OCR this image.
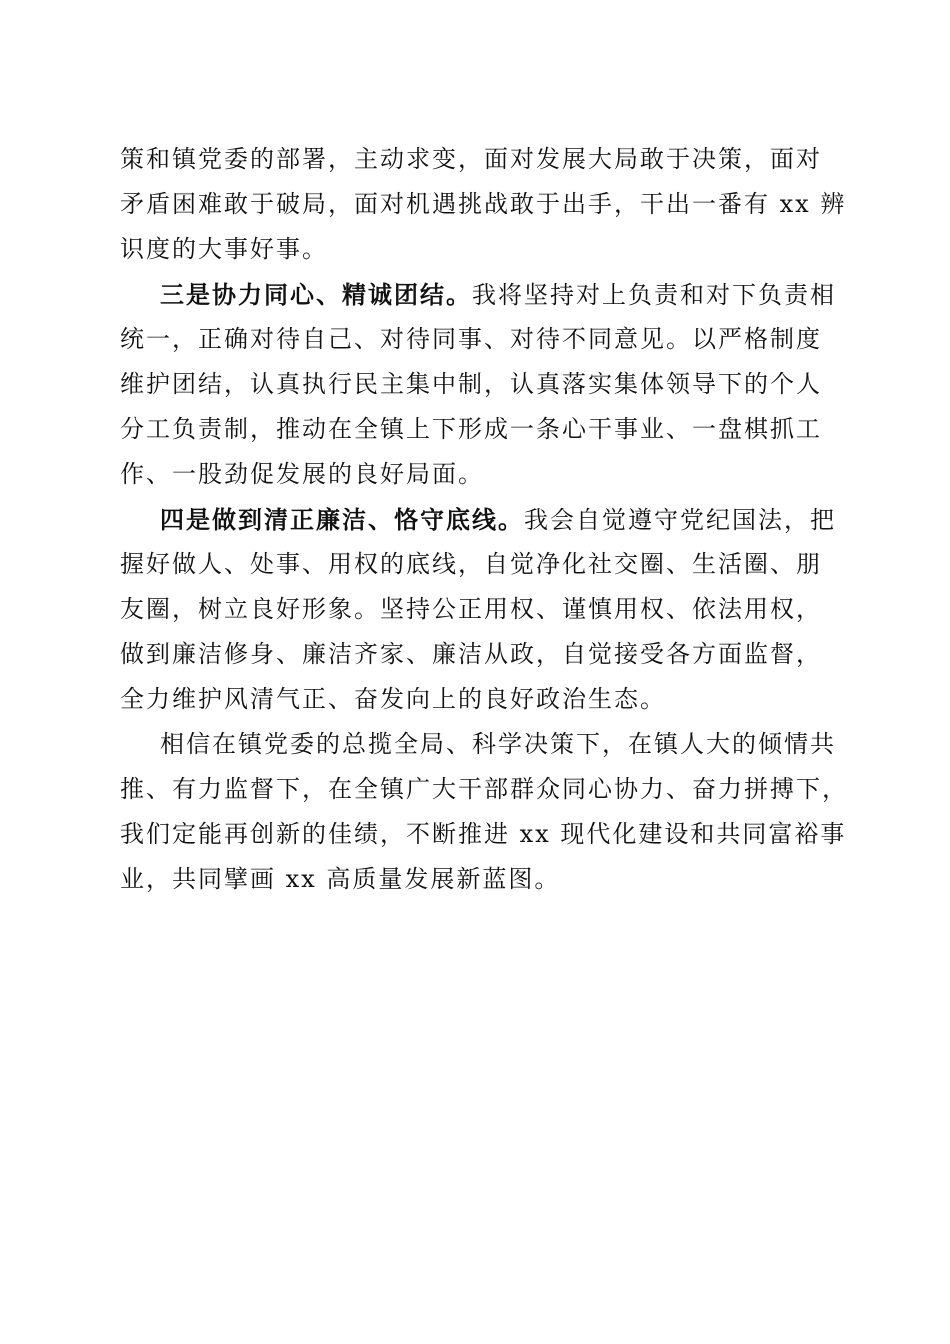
策和镇党委的部署，主动求变，面对发展大局敢于决策，面对
矛盾困难敢于破局，面对机遇挑战敢于出手，干出一番有 xx 辨
识度的大事好事。
三是协力同心、精诚团结。我将坚持对上负责和对下负责相
统一，正确对待自己、对待同事、对待不同意见。以严格制度
维护团结，认真执行民主集中制，认真落实集体领导下的个人
分工负责制，推动在全镇上下形成一条心干事业、一盘棋抓工
作、一股劲促发展的良好局面。
四是做到清正廉洁、恪守底线。我会自觉遵守党纪国法，把
握好做人、处事、用权的底线，自觉净化社交圈、生活圈、朋
友圈，树立良好形象。坚持公正用权、谨慎用权、依法用权，
做到廉洁修身、廉洁齐家、廉洁从政，自觉接受各方面监督，
全力维护风清气正、奋发向上的良好政治生态。
相信在镇党委的总揽全局、科学决策下，在镇人大的倾情共
推、有力监督下，在全镇广大干部群众同心协力、奋力拼搏下，
我们定能再创新的佳绩，不断推进 xx 现代化建设和共同富裕事
业，共同擘画 xx 高质量发展新蓝图。
